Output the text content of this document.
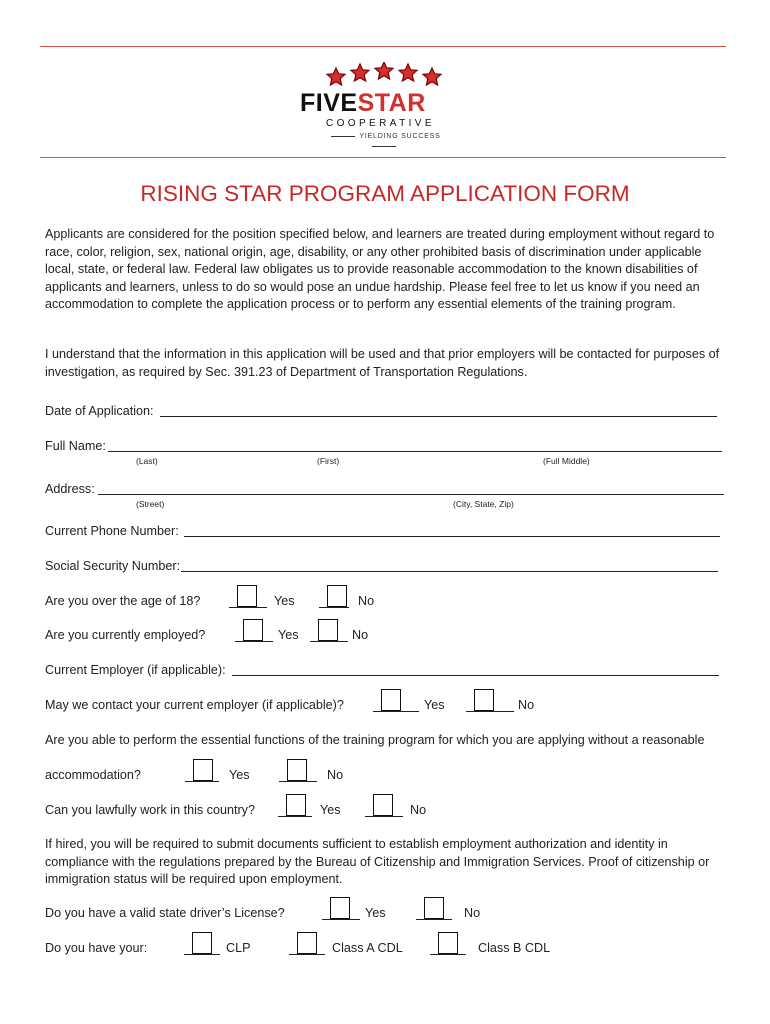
FIVESTAR
COOPERATIVE
YIELDING SUCCESS
RISING STAR PROGRAM APPLICATION FORM

Applicants are considered for the position specified below, and learners are treated during employment without regard to race, color, religion, sex, national origin, age, disability, or any other prohibited basis of discrimination under applicable local, state, or federal law. Federal law obligates us to provide reasonable accommodation to the known disabilities of applicants and learners, unless to do so would pose an undue hardship. Please feel free to let us know if you need an accommodation to complete the application process or to perform any essential elements of the training program.

I understand that the information in this application will be used and that prior employers will be contacted for purposes of investigation, as required by Sec. 391.23 of Department of Transportation Regulations.

Date of Application:
Full Name:
(Last)	(First)	(Full Middle)
Address:
(Street)	(City, State, Zip)
Current Phone Number:
Social Security Number:
Are you over the age of 18?	Yes	No
Are you currently employed?	Yes	No
Current Employer (if applicable):
May we contact your current employer (if applicable)?	Yes	No
Are you able to perform the essential functions of the training program for which you are applying without a reasonable
accommodation?	Yes	No
Can you lawfully work in this country?	Yes	No

If hired, you will be required to submit documents sufficient to establish employment authorization and identity in compliance with the regulations prepared by the Bureau of Citizenship and Immigration Services. Proof of citizenship or immigration status will be required upon employment.

Do you have a valid state driver’s License?	Yes	No
Do you have your:	CLP	Class A CDL	Class B CDL
